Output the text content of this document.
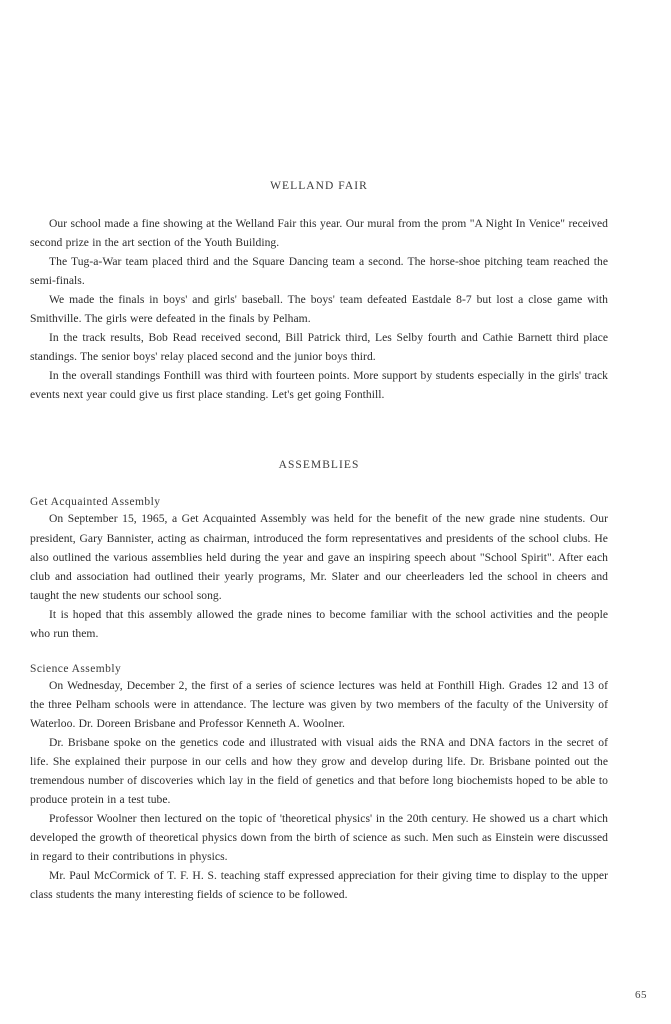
WELLAND FAIR

Our school made a fine showing at the Welland Fair this year. Our mural from the prom "A Night In Venice" received second prize in the art section of the Youth Building.

The Tug-a-War team placed third and the Square Dancing team a second. The horse-shoe pitching team reached the semi-finals.

We made the finals in boys' and girls' baseball. The boys' team defeated Eastdale 8-7 but lost a close game with Smithville. The girls were defeated in the finals by Pelham.

In the track results, Bob Read received second, Bill Patrick third, Les Selby fourth and Cathie Barnett third place standings. The senior boys' relay placed second and the junior boys third.

In the overall standings Fonthill was third with fourteen points. More support by students especially in the girls' track events next year could give us first place standing. Let's get going Fonthill.

ASSEMBLIES
Get Acquainted Assembly

On September 15, 1965, a Get Acquainted Assembly was held for the benefit of the new grade nine students. Our president, Gary Bannister, acting as chairman, introduced the form representatives and presidents of the school clubs. He also outlined the various assemblies held during the year and gave an inspiring speech about "School Spirit". After each club and association had outlined their yearly programs, Mr. Slater and our cheerleaders led the school in cheers and taught the new students our school song.

It is hoped that this assembly allowed the grade nines to become familiar with the school activities and the people who run them.

Science Assembly

On Wednesday, December 2, the first of a series of science lectures was held at Fonthill High. Grades 12 and 13 of the three Pelham schools were in attendance. The lecture was given by two members of the faculty of the University of Waterloo. Dr. Doreen Brisbane and Professor Kenneth A. Woolner.

Dr. Brisbane spoke on the genetics code and illustrated with visual aids the RNA and DNA factors in the secret of life. She explained their purpose in our cells and how they grow and develop during life. Dr. Brisbane pointed out the tremendous number of discoveries which lay in the field of genetics and that before long biochemists hoped to be able to produce protein in a test tube.

Professor Woolner then lectured on the topic of 'theoretical physics' in the 20th century. He showed us a chart which developed the growth of theoretical physics down from the birth of science as such. Men such as Einstein were discussed in regard to their contributions in physics.

Mr. Paul McCormick of T. F. H. S. teaching staff expressed appreciation for their giving time to display to the upper class students the many interesting fields of science to be followed.

65
